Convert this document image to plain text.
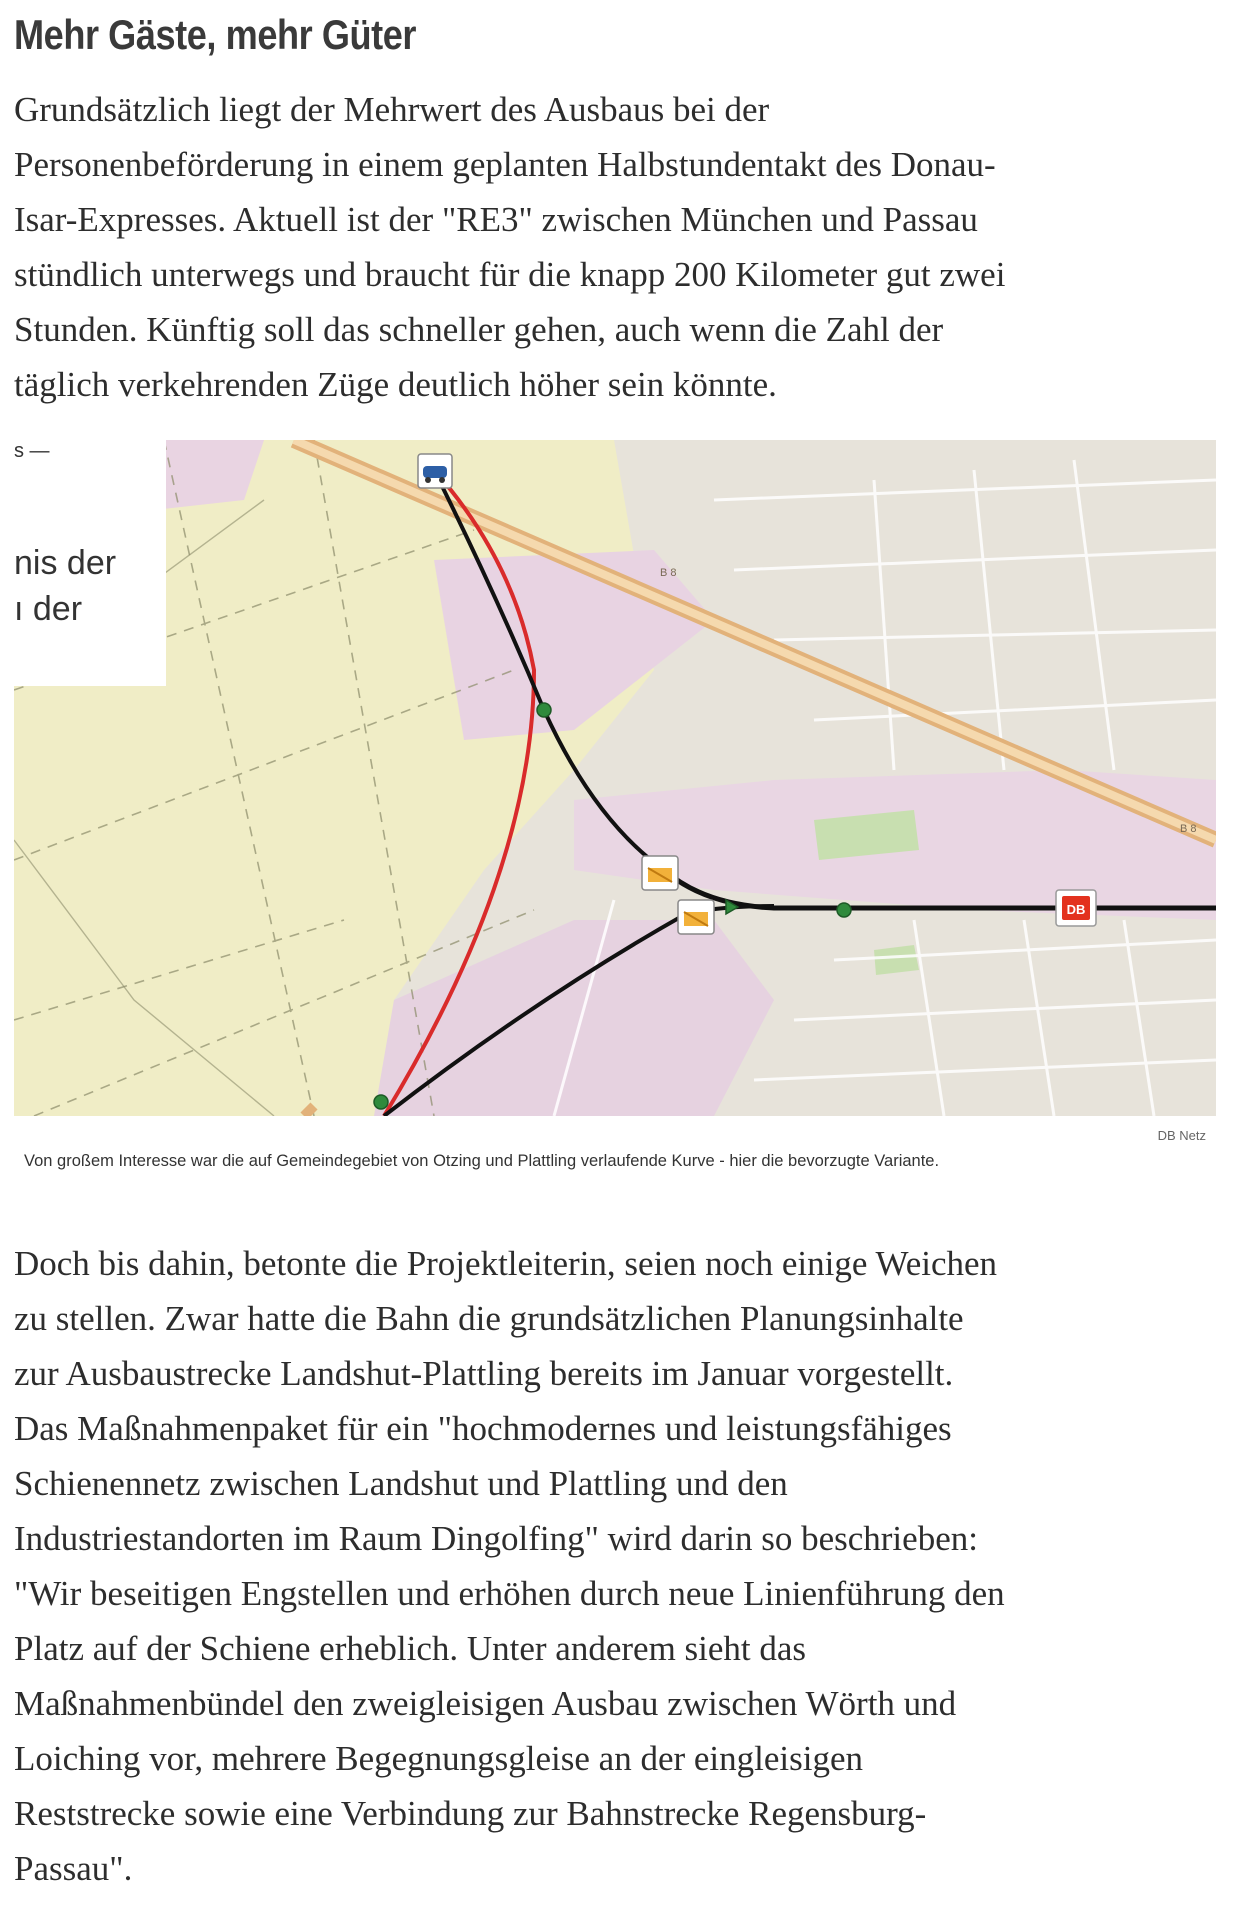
Mehr Gäste, mehr Güter
Grundsätzlich liegt der Mehrwert des Ausbaus bei der
Personenbeförderung in einem geplanten Halbstundentakt des Donau-
Isar-Expresses. Aktuell ist der "RE3" zwischen München und Passau
stündlich unterwegs und braucht für die knapp 200 Kilometer gut zwei
Stunden. Künftig soll das schneller gehen, auch wenn die Zahl der
täglich verkehrenden Züge deutlich höher sein könnte.
B 8
B 8
DB
s —
nis der
ı der
DB Netz
Von großem Interesse war die auf Gemeindegebiet von Otzing und Plattling verlaufende Kurve - hier die bevorzugte Variante.
Doch bis dahin, betonte die Projektleiterin, seien noch einige Weichen
zu stellen. Zwar hatte die Bahn die grundsätzlichen Planungsinhalte
zur Ausbaustrecke Landshut-Plattling bereits im Januar vorgestellt.
Das Maßnahmenpaket für ein "hochmodernes und leistungsfähiges
Schienennetz zwischen Landshut und Plattling und den
Industriestandorten im Raum Dingolfing" wird darin so beschrieben:
"Wir beseitigen Engstellen und erhöhen durch neue Linienführung den
Platz auf der Schiene erheblich. Unter anderem sieht das
Maßnahmenbündel den zweigleisigen Ausbau zwischen Wörth und
Loiching vor, mehrere Begegnungsgleise an der eingleisigen
Reststrecke sowie eine Verbindung zur Bahnstrecke Regensburg-
Passau".
